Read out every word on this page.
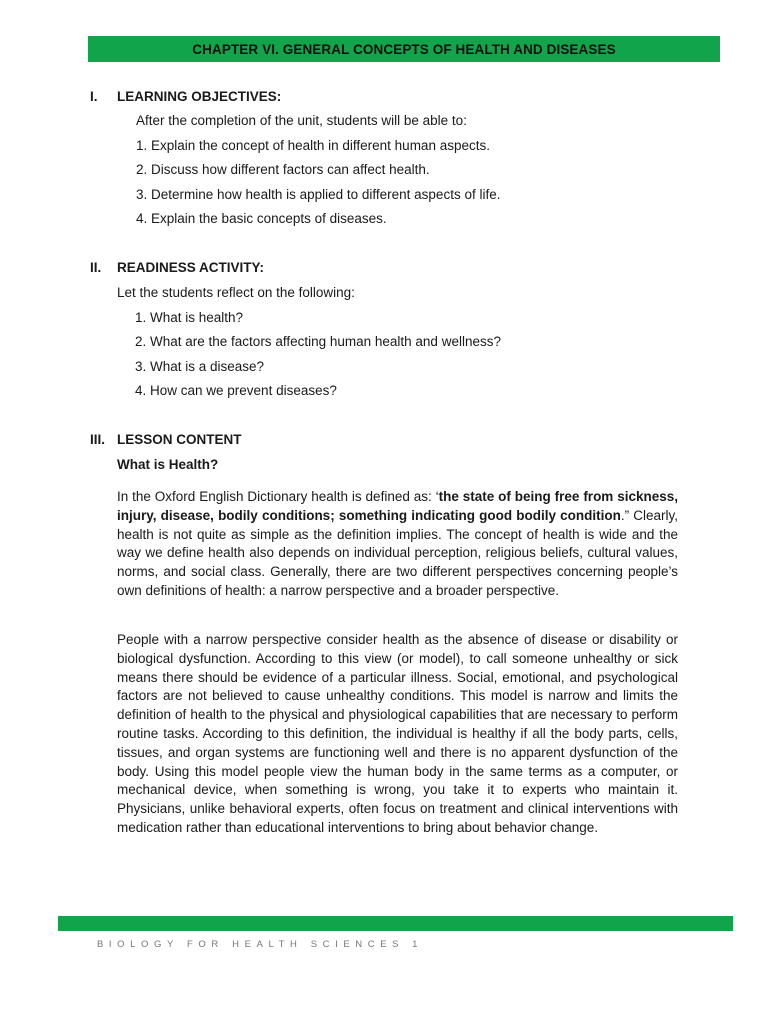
CHAPTER VI. GENERAL CONCEPTS OF HEALTH AND DISEASES
I.	LEARNING OBJECTIVES:
After the completion of the unit, students will be able to:
1. Explain the concept of health in different human aspects.
2. Discuss how different factors can affect health.
3. Determine how health is applied to different aspects of life.
4. Explain the basic concepts of diseases.
II.	READINESS ACTIVITY:
Let the students reflect on the following:
1. What is health?
2. What are the factors affecting human health and wellness?
3. What is a disease?
4. How can we prevent diseases?
III. LESSON CONTENT
What is Health?

In the Oxford English Dictionary health is defined as: ‘the state of being free from sickness, injury, disease, bodily conditions; something indicating good bodily condition.” Clearly, health is not quite as simple as the definition implies. The concept of health is wide and the way we define health also depends on individual perception, religious beliefs, cultural values, norms, and social class. Generally, there are two different perspectives concerning people’s own definitions of health: a narrow perspective and a broader perspective.

People with a narrow perspective consider health as the absence of disease or disability or biological dysfunction. According to this view (or model), to call someone unhealthy or sick means there should be evidence of a particular illness. Social, emotional, and psychological factors are not believed to cause unhealthy conditions. This model is narrow and limits the definition of health to the physical and physiological capabilities that are necessary to perform routine tasks. According to this definition, the individual is healthy if all the body parts, cells, tissues, and organ systems are functioning well and there is no apparent dysfunction of the body. Using this model people view the human body in the same terms as a computer, or mechanical device, when something is wrong, you take it to experts who maintain it. Physicians, unlike behavioral experts, often focus on treatment and clinical interventions with medication rather than educational interventions to bring about behavior change.

BIOLOGY FOR HEALTH SCIENCES 1
